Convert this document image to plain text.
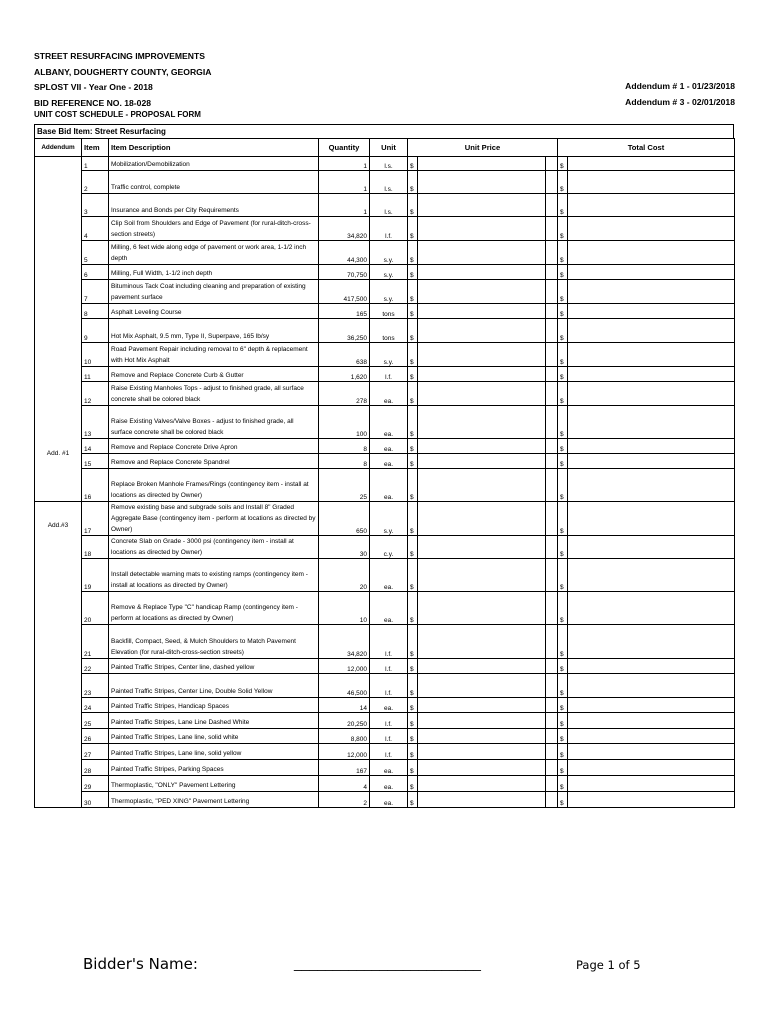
STREET RESURFACING IMPROVEMENTS
ALBANY, DOUGHERTY COUNTY, GEORGIA
SPLOST VII - Year One - 2018
BID REFERENCE NO. 18-028
Addendum # 1 - 01/23/2018
Addendum # 3 - 02/01/2018
UNIT COST SCHEDULE - PROPOSAL FORM
Base Bid Item: Street Resurfacing
Addendum	Item	Item Description	Quantity	Unit	Unit Price			Total Cost	
Add. #1	1	Mobilization/Demobilization	1	l.s.	$			$	
	2	Traffic control, complete	1	l.s.	$			$	
	3	Insurance and Bonds per City Requirements	1	l.s.	$			$	
	4	Clip Soil from Shoulders and Edge of Pavement (for rural-ditch-cross-section streets)	34,820	l.f.	$			$	
	5	Milling, 6 feet wide along edge of pavement or work area, 1-1/2 inch depth	44,300	s.y.	$			$	
	6	Milling, Full Width, 1-1/2 inch depth	70,750	s.y.	$			$	
	7	Bituminous Tack Coat including cleaning and preparation of existing pavement surface	417,500	s.y.	$			$	
	8	Asphalt Leveling Course	165	tons	$			$	
	9	Hot Mix Asphalt, 9.5 mm, Type II, Superpave, 165 lb/sy	36,250	tons	$			$	
	10	Road Pavement Repair including removal to 6" depth & replacement with Hot Mix Asphalt	638	s.y.	$			$	
	11	Remove and Replace Concrete Curb & Gutter	1,620	l.f.	$			$	
	12	Raise Existing Manholes Tops - adjust to finished grade, all surface concrete shall be colored black	278	ea.	$			$	
	13	Raise Existing Valves/Valve Boxes - adjust to finished grade, all surface concrete shall be colored black	100	ea.	$			$	
	14	Remove and Replace Concrete Drive Apron	8	ea.	$			$	
	15	Remove and Replace Concrete Spandrel	8	ea.	$			$	
	16	Replace Broken Manhole Frames/Rings (contingency item - install at locations as directed by Owner)	25	ea.	$			$	
Add.#3	17	Remove existing base and subgrade soils and Install 8" Graded Aggregate Base (contingency item - perform at locations as directed by Owner)	650	s.y.	$			$	
	18	Concrete Slab on Grade - 3000 psi (contingency item - install at locations as directed by Owner)	30	c.y.	$			$	
	19	Install detectable warning mats to existing ramps (contingency item - install at locations as directed by Owner)	20	ea.	$			$	
	20	Remove & Replace Type "C" handicap Ramp (contingency item - perform at locations as directed by Owner)	10	ea.	$			$	
	21	Backfill, Compact, Seed, & Mulch Shoulders to Match Pavement Elevation (for rural-ditch-cross-section streets)	34,820	l.f.	$			$	
	22	Painted Traffic Stripes, Center line, dashed yellow	12,000	l.f.	$			$	
	23	Painted Traffic Stripes, Center Line, Double Solid Yellow	46,500	l.f.	$			$	
	24	Painted Traffic Stripes, Handicap Spaces	14	ea.	$			$	
	25	Painted Traffic Stripes, Lane Line Dashed White	20,250	l.f.	$			$	
	26	Painted Traffic Stripes, Lane line, solid white	8,800	l.f.	$			$	
	27	Painted Traffic Stripes, Lane line, solid yellow	12,000	l.f.	$			$	
	28	Painted Traffic Stripes, Parking Spaces	167	ea.	$			$	
	29	Thermoplastic, "ONLY" Pavement Lettering	4	ea.	$			$	
	30	Thermoplastic, "PED XING" Pavement Lettering	2	ea.	$			$	
Bidder's Name:	________________________	Page 1 of 5
